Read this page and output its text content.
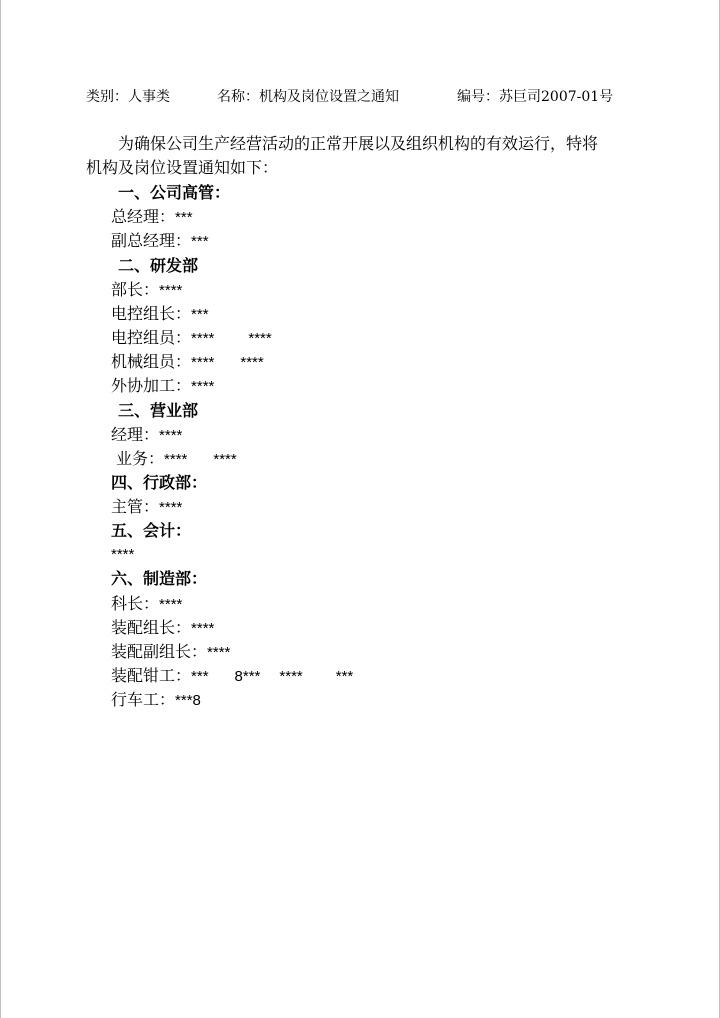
类别：人事类	名称：机构及岗位设置之通知	编号：苏巨司2007-01号
为确保公司生产经营活动的正常开展以及组织机构的有效运行，特将
机构及岗位设置通知如下：
一、公司高管：
总经理：***
副总经理：***
二、研发部
部长：****
电控组长：***
电控组员：**** ****
机械组员：**** ****
外协加工：****
三、营业部
经理：****
业务：**** ****
四、行政部：
主管：****
五、会计：
****
六、制造部：
科长：****
装配组长：****
装配副组长：****
装配钳工：*** 8*** **** ***
行车工：***8
